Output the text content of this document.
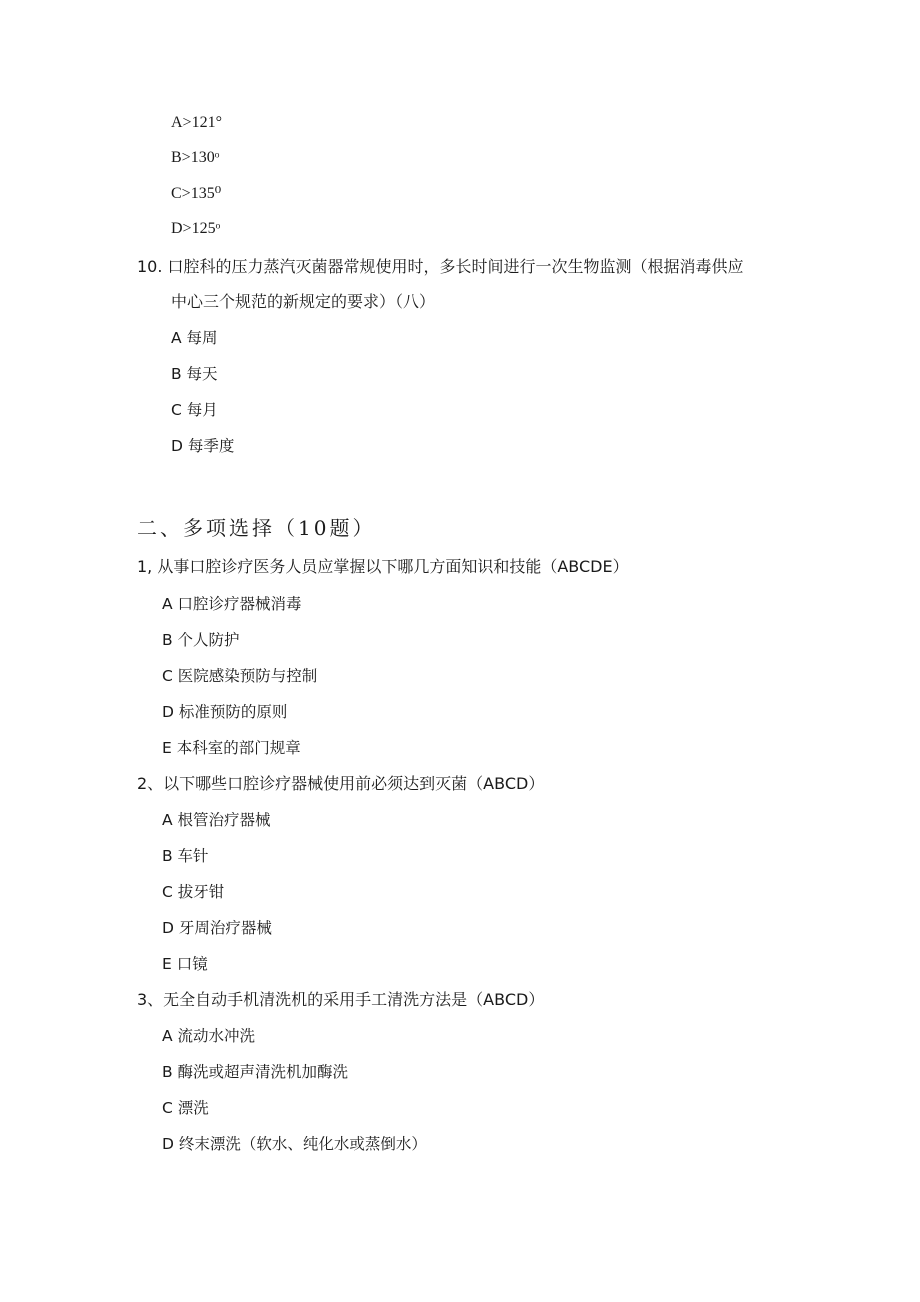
A>121°
B>130ᵒ
C>135⁰
D>125ᵒ
10. 口腔科的压力蒸汽灭菌器常规使用时，多长时间进行一次生物监测（根据消毒供应
中心三个规范的新规定的要求）（八）
A 每周
B 每天
C 每月
D 每季度
二、多项选择（10题）
1, 从事口腔诊疗医务人员应掌握以下哪几方面知识和技能（ABCDE）
A 口腔诊疗器械消毒
B 个人防护
C 医院感染预防与控制
D 标准预防的原则
E 本科室的部门规章
2、以下哪些口腔诊疗器械使用前必须达到灭菌（ABCD）
A 根管治疗器械
B 车针
C 拔牙钳
D 牙周治疗器械
E 口镜
3、无全自动手机清洗机的采用手工清洗方法是（ABCD）
A 流动水冲洗
B 酶洗或超声清洗机加酶洗
C 漂洗
D 终末漂洗（软水、纯化水或蒸倒水）
